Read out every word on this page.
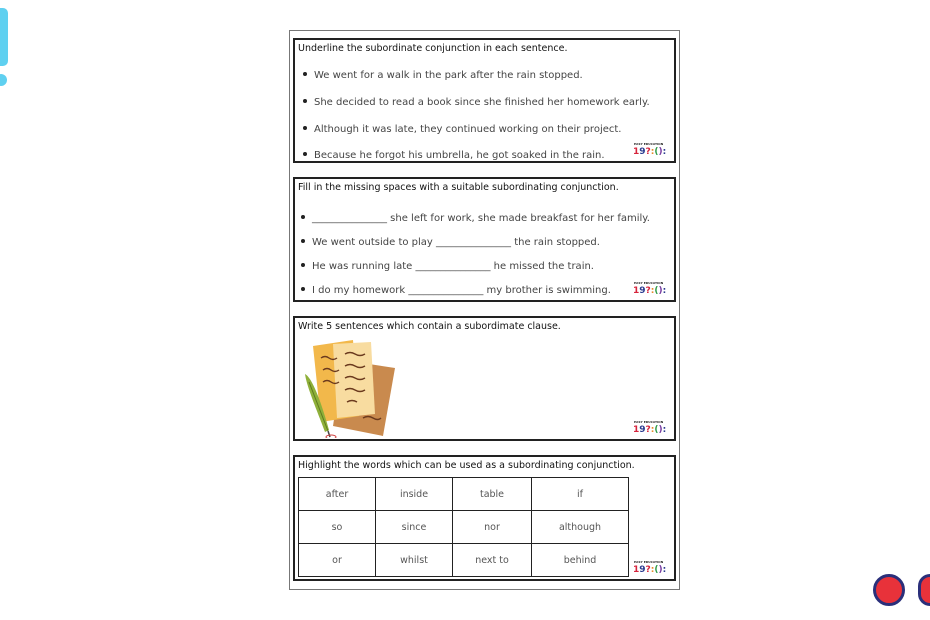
Underline the subordinate conjunction in each sentence.
We went for a walk in the park after the rain stopped.
She decided to read a book since she finished her homework early.
Although it was late, they continued working on their project.
Because he forgot his umbrella, he got soaked in the rain.
EASY EDUCATION
19?:():
Fill in the missing spaces with a suitable subordinating conjunction.
_______________ she left for work, she made breakfast for her family.
We went outside to play _______________ the rain stopped.
He was running late _______________ he missed the train.
I do my homework _______________ my brother is swimming.
EASY EDUCATION
19?:():
Write 5 sentences which contain a subordimate clause.
EASY EDUCATION
19?:():
Highlight the words which can be used as a subordinating conjunction.
after	inside	table	if
so	since	nor	although
or	whilst	next to	behind	EASY EDUCATION
19?:():
